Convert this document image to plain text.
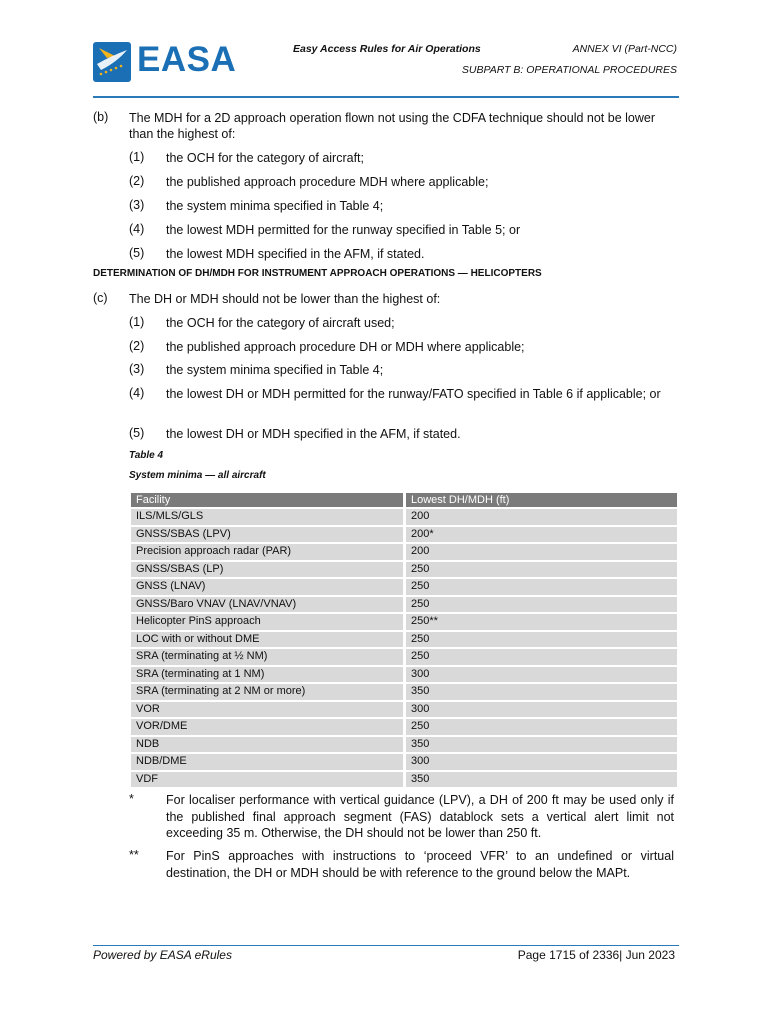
EASA	Easy Access Rules for Air Operations	ANNEX VI (Part-NCC)
SUBPART B: OPERATIONAL PROCEDURES
(b) The MDH for a 2D approach operation flown not using the CDFA technique should not be lower than the highest of:
(1) the OCH for the category of aircraft;
(2) the published approach procedure MDH where applicable;
(3) the system minima specified in Table 4;
(4) the lowest MDH permitted for the runway specified in Table 5; or
(5) the lowest MDH specified in the AFM, if stated.
DETERMINATION OF DH/MDH FOR INSTRUMENT APPROACH OPERATIONS — HELICOPTERS
(c) The DH or MDH should not be lower than the highest of:
(1) the OCH for the category of aircraft used;
(2) the published approach procedure DH or MDH where applicable;
(3) the system minima specified in Table 4;
(4) the lowest DH or MDH permitted for the runway/FATO specified in Table 6 if applicable; or
(5) the lowest DH or MDH specified in the AFM, if stated.
Table 4
System minima — all aircraft
Facility	Lowest DH/MDH (ft)
ILS/MLS/GLS	200
GNSS/SBAS (LPV)	200*
Precision approach radar (PAR)	200
GNSS/SBAS (LP)	250
GNSS (LNAV)	250
GNSS/Baro VNAV (LNAV/VNAV)	250
Helicopter PinS approach	250**
LOC with or without DME	250
SRA (terminating at ½ NM)	250
SRA (terminating at 1 NM)	300
SRA (terminating at 2 NM or more)	350
VOR	300
VOR/DME	250
NDB	350
NDB/DME	300
VDF	350
*	For localiser performance with vertical guidance (LPV), a DH of 200 ft may be used only if the published final approach segment (FAS) datablock sets a vertical alert limit not exceeding 35 m. Otherwise, the DH should not be lower than 250 ft.
** For PinS approaches with instructions to ‘proceed VFR’ to an undefined or virtual destination, the DH or MDH should be with reference to the ground below the MAPt.
Powered by EASA eRules	Page 1715 of 2336| Jun 2023
